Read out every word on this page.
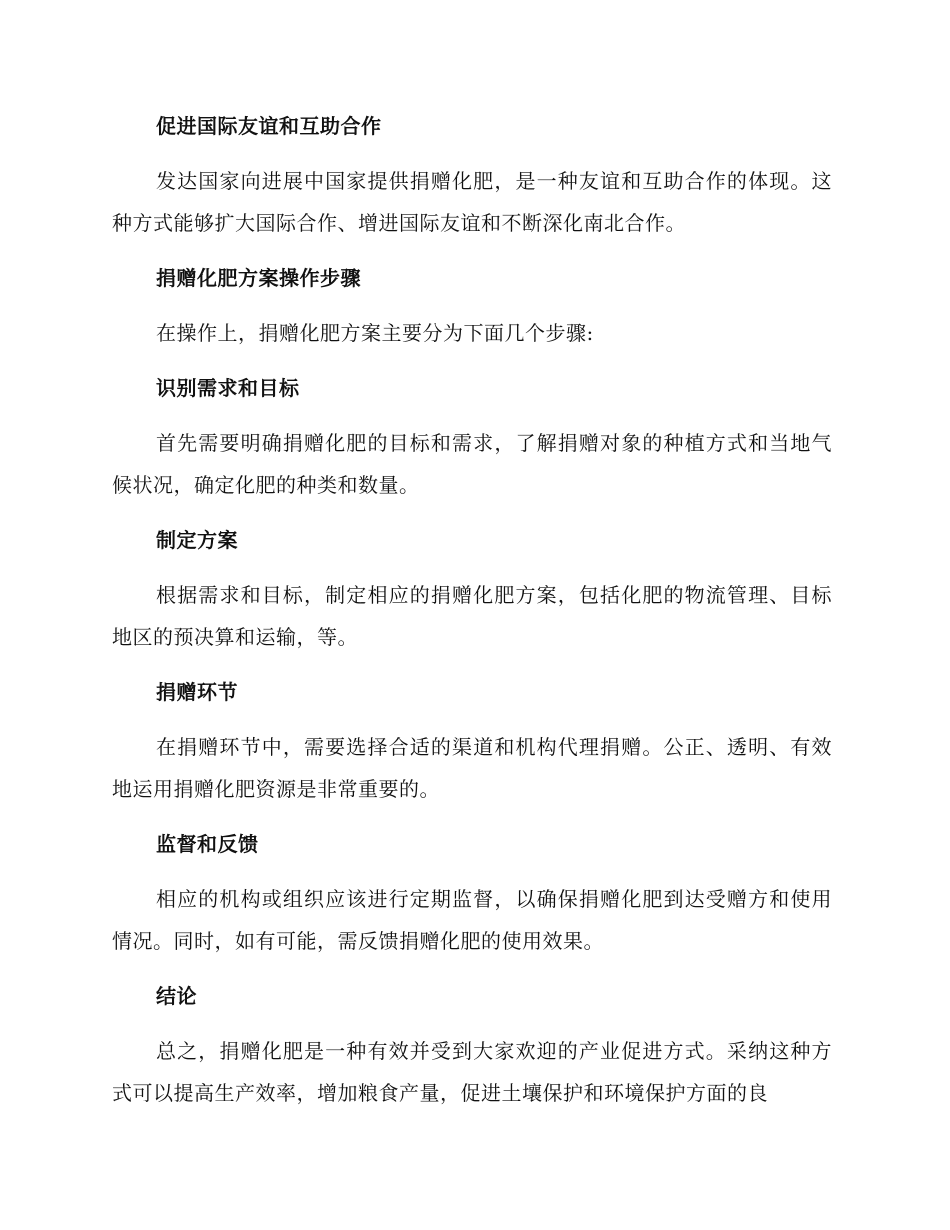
促进国际友谊和互助合作
发达国家向进展中国家提供捐赠化肥，是一种友谊和互助合作的体现。这种方式能够扩大国际合作、增进国际友谊和不断深化南北合作。
捐赠化肥方案操作步骤
在操作上，捐赠化肥方案主要分为下面几个步骤:
识别需求和目标
首先需要明确捐赠化肥的目标和需求，了解捐赠对象的种植方式和当地气候状况，确定化肥的种类和数量。
制定方案
根据需求和目标，制定相应的捐赠化肥方案，包括化肥的物流管理、目标地区的预决算和运输，等。
捐赠环节
在捐赠环节中，需要选择合适的渠道和机构代理捐赠。公正、透明、有效地运用捐赠化肥资源是非常重要的。
监督和反馈
相应的机构或组织应该进行定期监督，以确保捐赠化肥到达受赠方和使用情况。同时，如有可能，需反馈捐赠化肥的使用效果。
结论
总之，捐赠化肥是一种有效并受到大家欢迎的产业促进方式。采纳这种方式可以提高生产效率，增加粮食产量，促进土壤保护和环境保护方面的良
